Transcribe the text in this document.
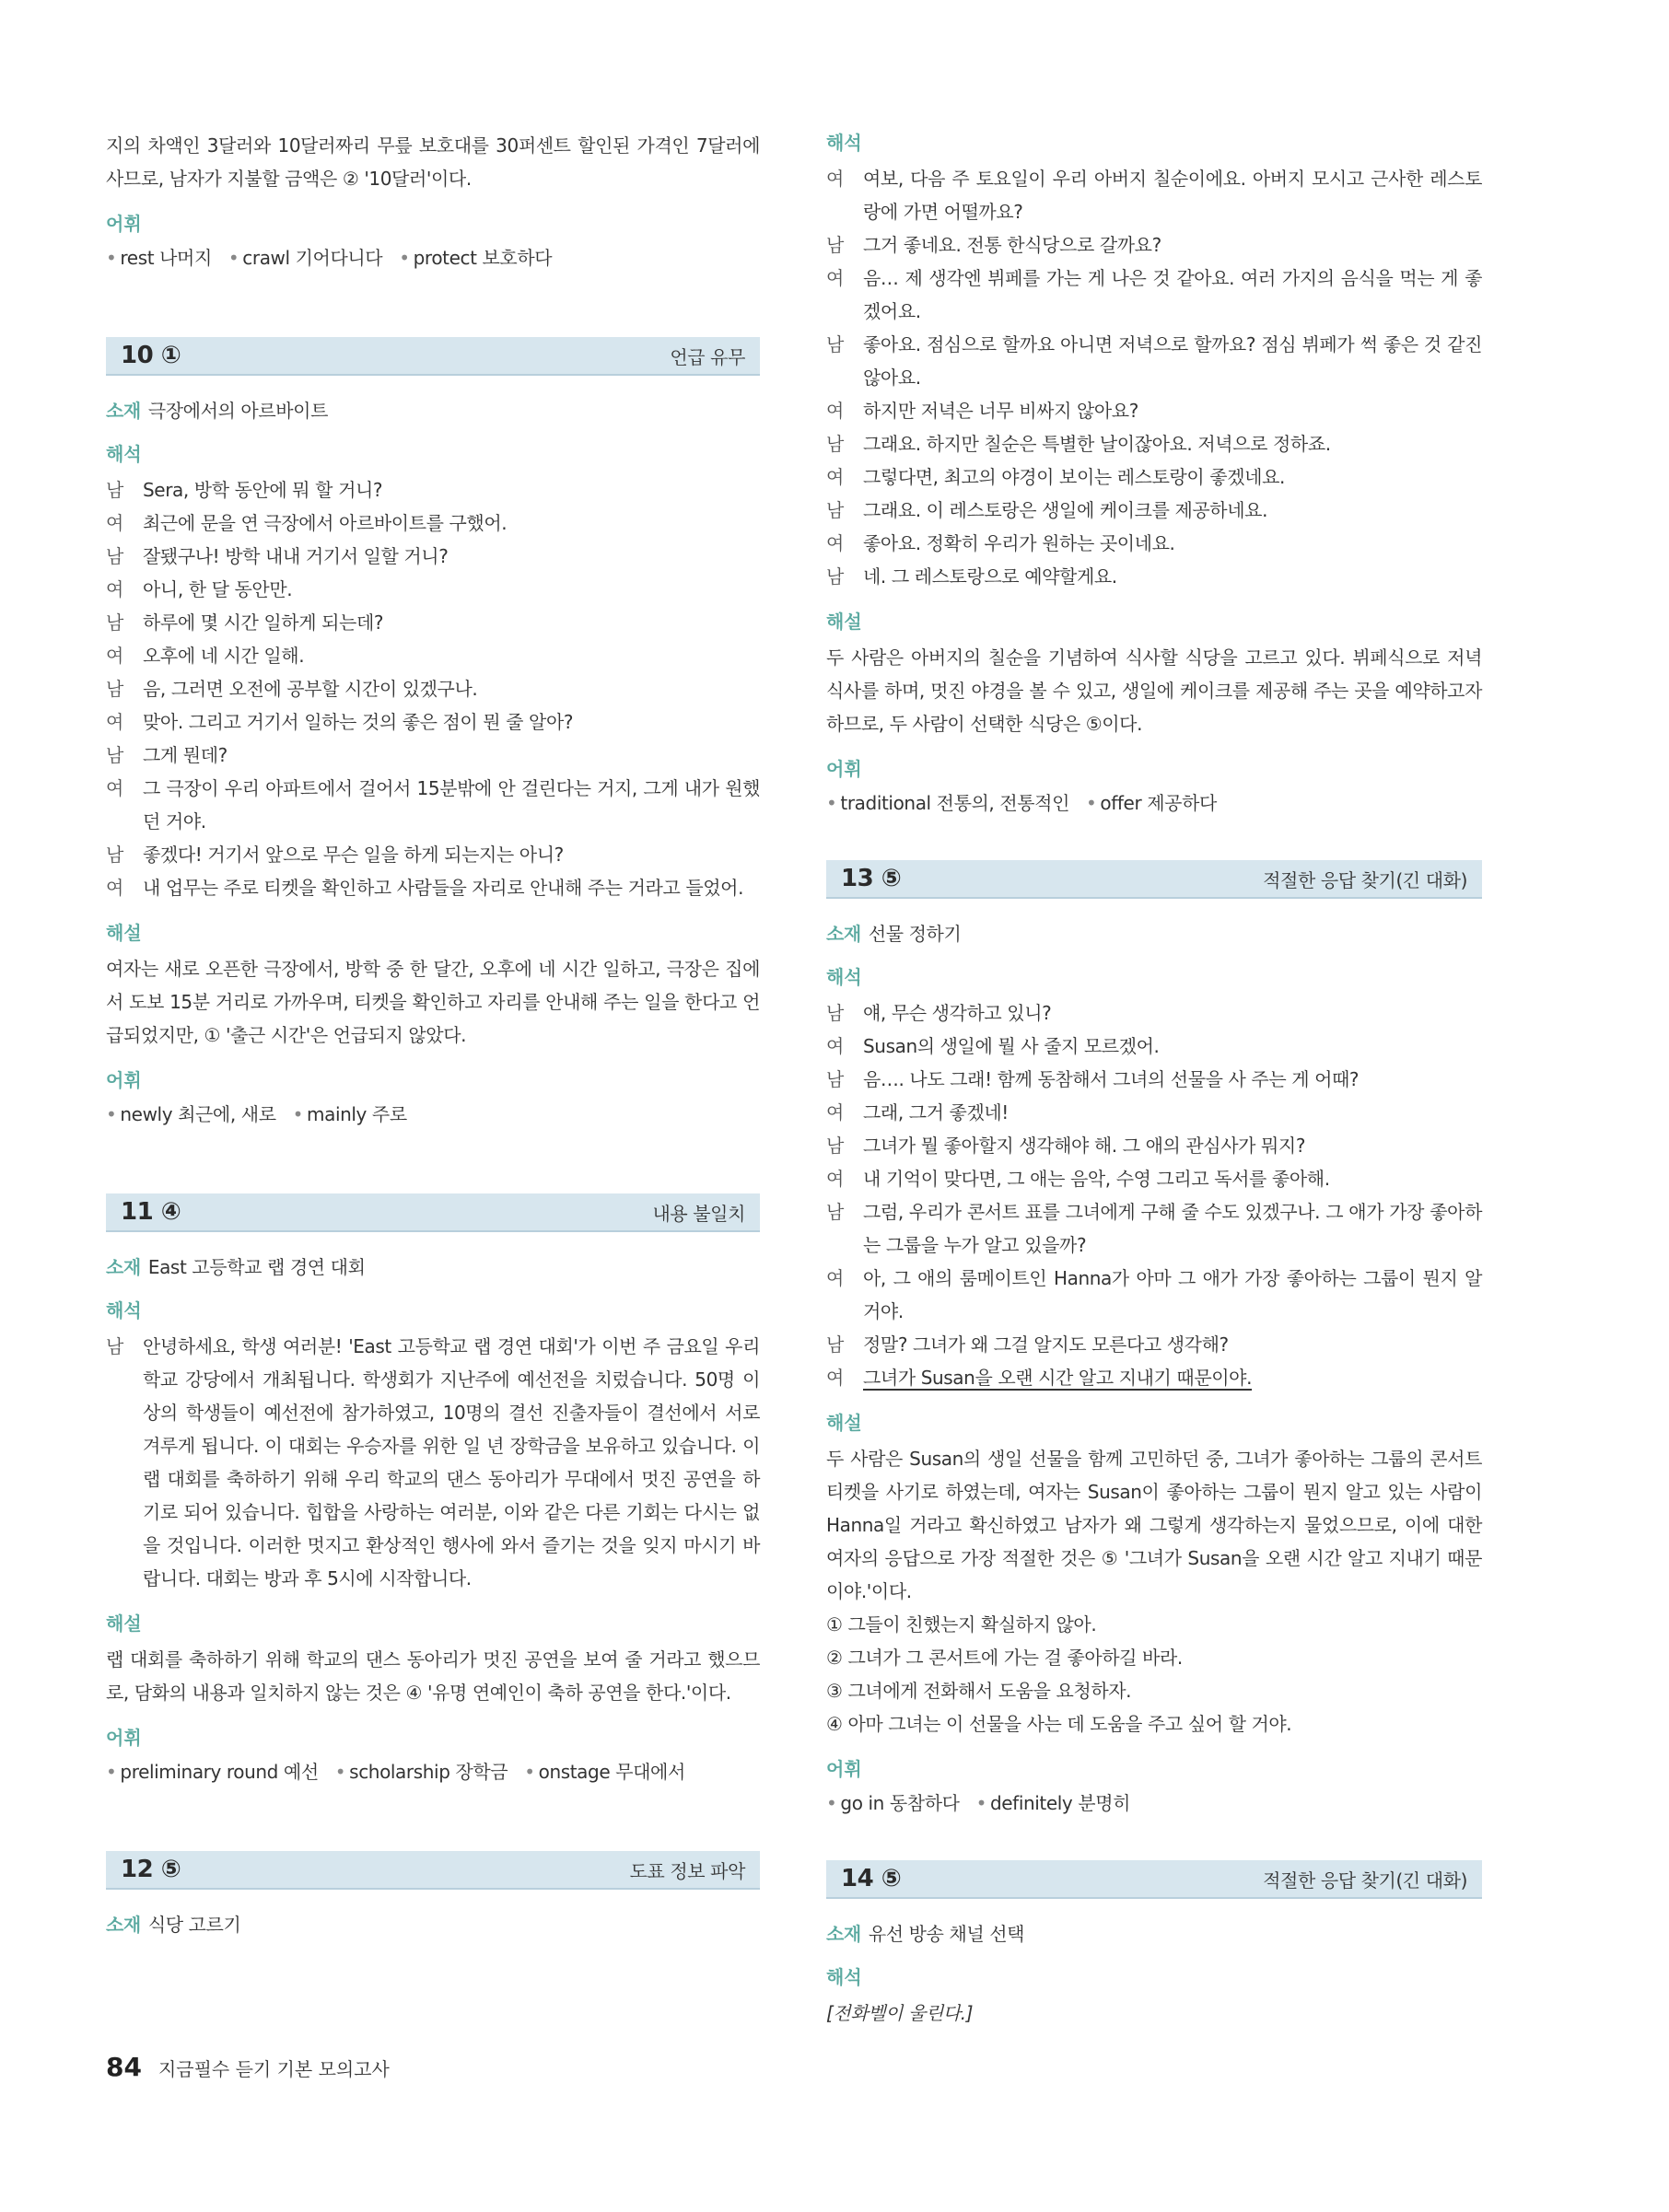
지의 차액인 3달러와 10달러짜리 무릎 보호대를 30퍼센트 할인된 가격인 7달러에 사므로, 남자가 지불할 금액은 ② '10달러'이다.
어휘
• rest 나머지 • crawl 기어다니다 • protect 보호하다
10 ①	언급 유무
소재 극장에서의 아르바이트
해석
남	Sera, 방학 동안에 뭐 할 거니?
여	최근에 문을 연 극장에서 아르바이트를 구했어.
남	잘됐구나! 방학 내내 거기서 일할 거니?
여	아니, 한 달 동안만.
남	하루에 몇 시간 일하게 되는데?
여	오후에 네 시간 일해.
남	음, 그러면 오전에 공부할 시간이 있겠구나.
여	맞아. 그리고 거기서 일하는 것의 좋은 점이 뭔 줄 알아?
남	그게 뭔데?
여	그 극장이 우리 아파트에서 걸어서 15분밖에 안 걸린다는 거지, 그게 내가 원했던 거야.
남	좋겠다! 거기서 앞으로 무슨 일을 하게 되는지는 아니?
여	내 업무는 주로 티켓을 확인하고 사람들을 자리로 안내해 주는 거라고 들었어.
해설
여자는 새로 오픈한 극장에서, 방학 중 한 달간, 오후에 네 시간 일하고, 극장은 집에서 도보 15분 거리로 가까우며, 티켓을 확인하고 자리를 안내해 주는 일을 한다고 언급되었지만, ① '출근 시간'은 언급되지 않았다.
어휘
• newly 최근에, 새로 • mainly 주로
11 ④	내용 불일치
소재 East 고등학교 랩 경연 대회
해석
남	안녕하세요, 학생 여러분! 'East 고등학교 랩 경연 대회'가 이번 주 금요일 우리 학교 강당에서 개최됩니다. 학생회가 지난주에 예선전을 치렀습니다. 50명 이상의 학생들이 예선전에 참가하였고, 10명의 결선 진출자들이 결선에서 서로 겨루게 됩니다. 이 대회는 우승자를 위한 일 년 장학금을 보유하고 있습니다. 이 랩 대회를 축하하기 위해 우리 학교의 댄스 동아리가 무대에서 멋진 공연을 하기로 되어 있습니다. 힙합을 사랑하는 여러분, 이와 같은 다른 기회는 다시는 없을 것입니다. 이러한 멋지고 환상적인 행사에 와서 즐기는 것을 잊지 마시기 바랍니다. 대회는 방과 후 5시에 시작합니다.
해설
랩 대회를 축하하기 위해 학교의 댄스 동아리가 멋진 공연을 보여 줄 거라고 했으므로, 담화의 내용과 일치하지 않는 것은 ④ '유명 연예인이 축하 공연을 한다.'이다.
어휘
• preliminary round 예선 • scholarship 장학금 • onstage 무대에서
12 ⑤	도표 정보 파악
소재 식당 고르기
해석
여	여보, 다음 주 토요일이 우리 아버지 칠순이에요. 아버지 모시고 근사한 레스토랑에 가면 어떨까요?
남	그거 좋네요. 전통 한식당으로 갈까요?
여	음… 제 생각엔 뷔페를 가는 게 나은 것 같아요. 여러 가지의 음식을 먹는 게 좋겠어요.
남	좋아요. 점심으로 할까요 아니면 저녁으로 할까요? 점심 뷔페가 썩 좋은 것 같진 않아요.
여	하지만 저녁은 너무 비싸지 않아요?
남	그래요. 하지만 칠순은 특별한 날이잖아요. 저녁으로 정하죠.
여	그렇다면, 최고의 야경이 보이는 레스토랑이 좋겠네요.
남	그래요. 이 레스토랑은 생일에 케이크를 제공하네요.
여	좋아요. 정확히 우리가 원하는 곳이네요.
남	네. 그 레스토랑으로 예약할게요.
해설
두 사람은 아버지의 칠순을 기념하여 식사할 식당을 고르고 있다. 뷔페식으로 저녁 식사를 하며, 멋진 야경을 볼 수 있고, 생일에 케이크를 제공해 주는 곳을 예약하고자 하므로, 두 사람이 선택한 식당은 ⑤이다.
어휘
• traditional 전통의, 전통적인 • offer 제공하다
13 ⑤	적절한 응답 찾기(긴 대화)
소재 선물 정하기
해석
남	얘, 무슨 생각하고 있니?
여	Susan의 생일에 뭘 사 줄지 모르겠어.
남	음…. 나도 그래! 함께 동참해서 그녀의 선물을 사 주는 게 어때?
여	그래, 그거 좋겠네!
남	그녀가 뭘 좋아할지 생각해야 해. 그 애의 관심사가 뭐지?
여	내 기억이 맞다면, 그 애는 음악, 수영 그리고 독서를 좋아해.
남	그럼, 우리가 콘서트 표를 그녀에게 구해 줄 수도 있겠구나. 그 애가 가장 좋아하는 그룹을 누가 알고 있을까?
여	아, 그 애의 룸메이트인 Hanna가 아마 그 애가 가장 좋아하는 그룹이 뭔지 알 거야.
남	정말? 그녀가 왜 그걸 알지도 모른다고 생각해?
여	그녀가 Susan을 오랜 시간 알고 지내기 때문이야.
해설
두 사람은 Susan의 생일 선물을 함께 고민하던 중, 그녀가 좋아하는 그룹의 콘서트 티켓을 사기로 하였는데, 여자는 Susan이 좋아하는 그룹이 뭔지 알고 있는 사람이 Hanna일 거라고 확신하였고 남자가 왜 그렇게 생각하는지 물었으므로, 이에 대한 여자의 응답으로 가장 적절한 것은 ⑤ '그녀가 Susan을 오랜 시간 알고 지내기 때문이야.'이다.
① 그들이 친했는지 확실하지 않아.
② 그녀가 그 콘서트에 가는 걸 좋아하길 바라.
③ 그녀에게 전화해서 도움을 요청하자.
④ 아마 그녀는 이 선물을 사는 데 도움을 주고 싶어 할 거야.
어휘
• go in 동참하다 • definitely 분명히
14 ⑤	적절한 응답 찾기(긴 대화)
소재 유선 방송 채널 선택
해석
[전화벨이 울린다.]
84 지금필수 듣기 기본 모의고사
